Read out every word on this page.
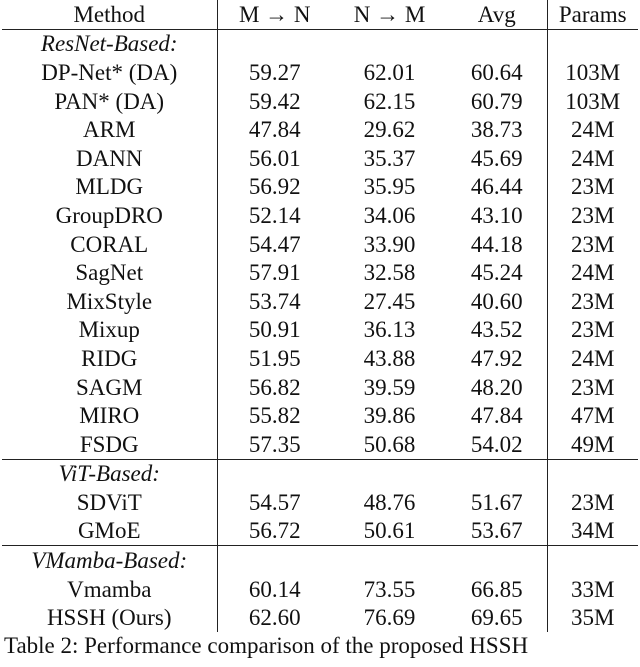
Method	M → N	N → M	Avg	Params
ResNet-Based:				
DP-Net* (DA)	59.27	62.01	60.64	103M
PAN* (DA)	59.42	62.15	60.79	103M
ARM	47.84	29.62	38.73	24M
DANN	56.01	35.37	45.69	24M
MLDG	56.92	35.95	46.44	23M
GroupDRO	52.14	34.06	43.10	23M
CORAL	54.47	33.90	44.18	23M
SagNet	57.91	32.58	45.24	24M
MixStyle	53.74	27.45	40.60	23M
Mixup	50.91	36.13	43.52	23M
RIDG	51.95	43.88	47.92	24M
SAGM	56.82	39.59	48.20	23M
MIRO	55.82	39.86	47.84	47M
FSDG	57.35	50.68	54.02	49M
ViT-Based:				
SDViT	54.57	48.76	51.67	23M
GMoE	56.72	50.61	53.67	34M
VMamba-Based:				
Vmamba	60.14	73.55	66.85	33M
HSSH (Ours)	62.60	76.69	69.65	35M
Table 2: Performance comparison of the proposed HSSH
